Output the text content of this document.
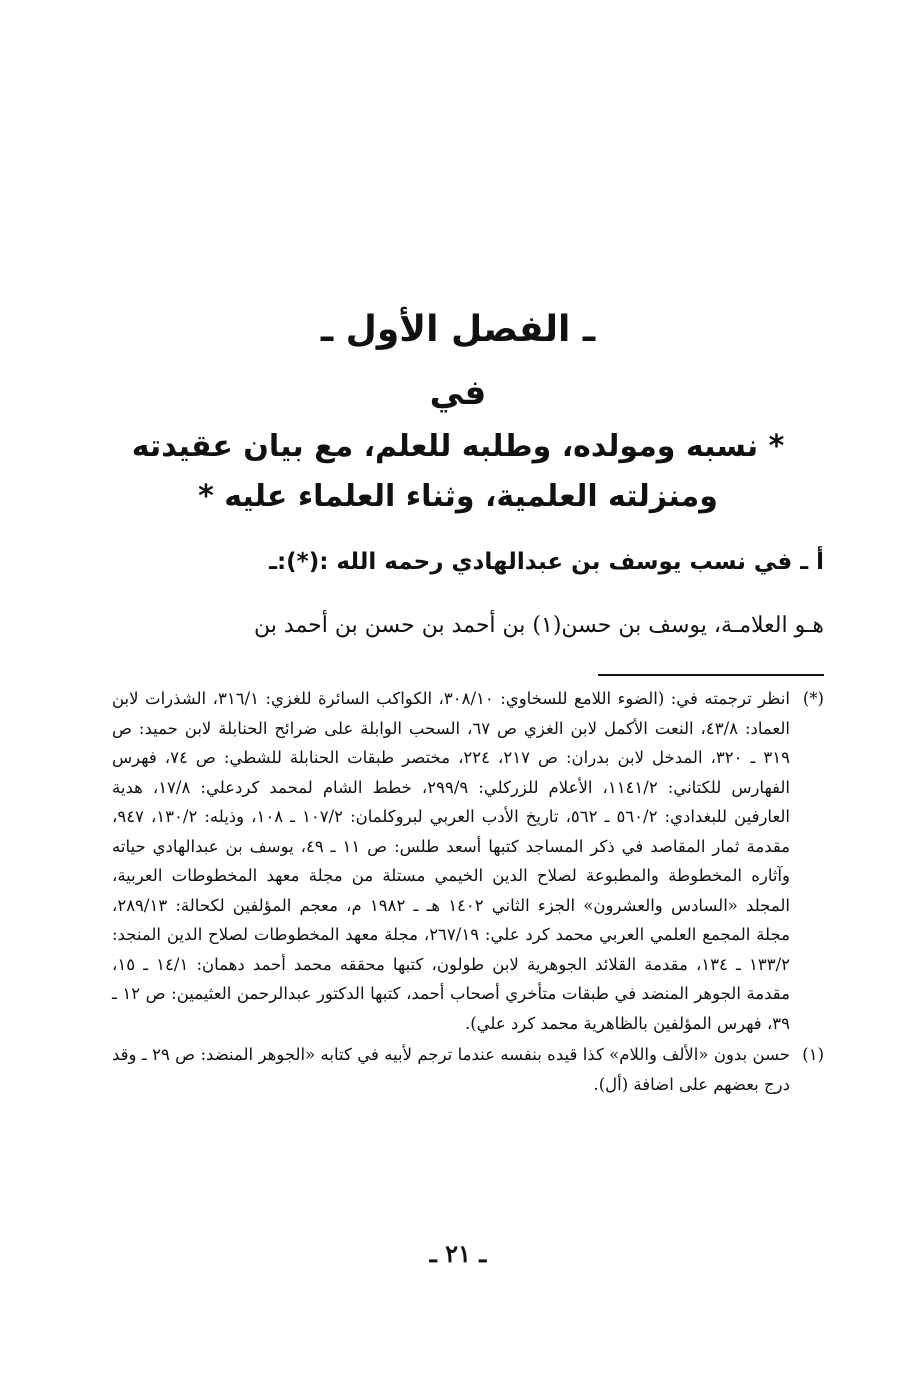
ـ الفصل الأول ـ
في
* نسبه ومولده، وطلبه للعلم، مع بيان عقيدته ومنزلته العلمية، وثناء العلماء عليه *
أ ـ في نسب يوسف بن عبدالهادي رحمه الله :(*):ـ
هـو العلامـة، يوسف بن حسن(١) بن أحمد بن حسن بن أحمد بن
(*)
انظر ترجمته في: (الضوء اللامع للسخاوي: ٣٠٨/١٠، الكواكب السائرة للغزي: ٣١٦/١، الشذرات لابن العماد: ٤٣/٨، النعت الأكمل لابن الغزي ص ٦٧، السحب الوابلة على ضرائح الحنابلة لابن حميد: ص ٣١٩ ـ ٣٢٠، المدخل لابن بدران: ص ٢١٧، ٢٢٤، مختصر طبقات الحنابلة للشطي: ص ٧٤، فهرس الفهارس للكتاني: ١١٤١/٢، الأعلام للزركلي: ٢٩٩/٩، خطط الشام لمحمد كردعلي: ١٧/٨، هدية العارفين للبغدادي: ٥٦٠/٢ ـ ٥٦٢، تاريخ الأدب العربي لبروكلمان: ١٠٧/٢ ـ ١٠٨، وذيله: ١٣٠/٢، ٩٤٧، مقدمة ثمار المقاصد في ذكر المساجد كتبها أسعد طلس: ص ١١ ـ ٤٩، يوسف بن عبدالهادي حياته وآثاره المخطوطة والمطبوعة لصلاح الدين الخيمي مستلة من مجلة معهد المخطوطات العربية، المجلد «السادس والعشرون» الجزء الثاني ١٤٠٢ هـ ـ ١٩٨٢ م، معجم المؤلفين لكحالة: ٢٨٩/١٣، مجلة المجمع العلمي العربي محمد كرد علي: ٢٦٧/١٩، مجلة معهد المخطوطات لصلاح الدين المنجد: ١٣٣/٢ ـ ١٣٤، مقدمة القلائد الجوهرية لابن طولون، كتبها محققه محمد أحمد دهمان: ١٤/١ ـ ١٥، مقدمة الجوهر المنضد في طبقات متأخري أصحاب أحمد، كتبها الدكتور عبدالرحمن العثيمين: ص ١٢ ـ ٣٩، فهرس المؤلفين بالظاهرية محمد كرد علي).
(١)
حسن بدون «الألف واللام» كذا قيده بنفسه عندما ترجم لأبيه في كتابه «الجوهر المنضد: ص ٢٩ ـ وقد درج بعضهم على اضافة (أل).
ـ ٢١ ـ
